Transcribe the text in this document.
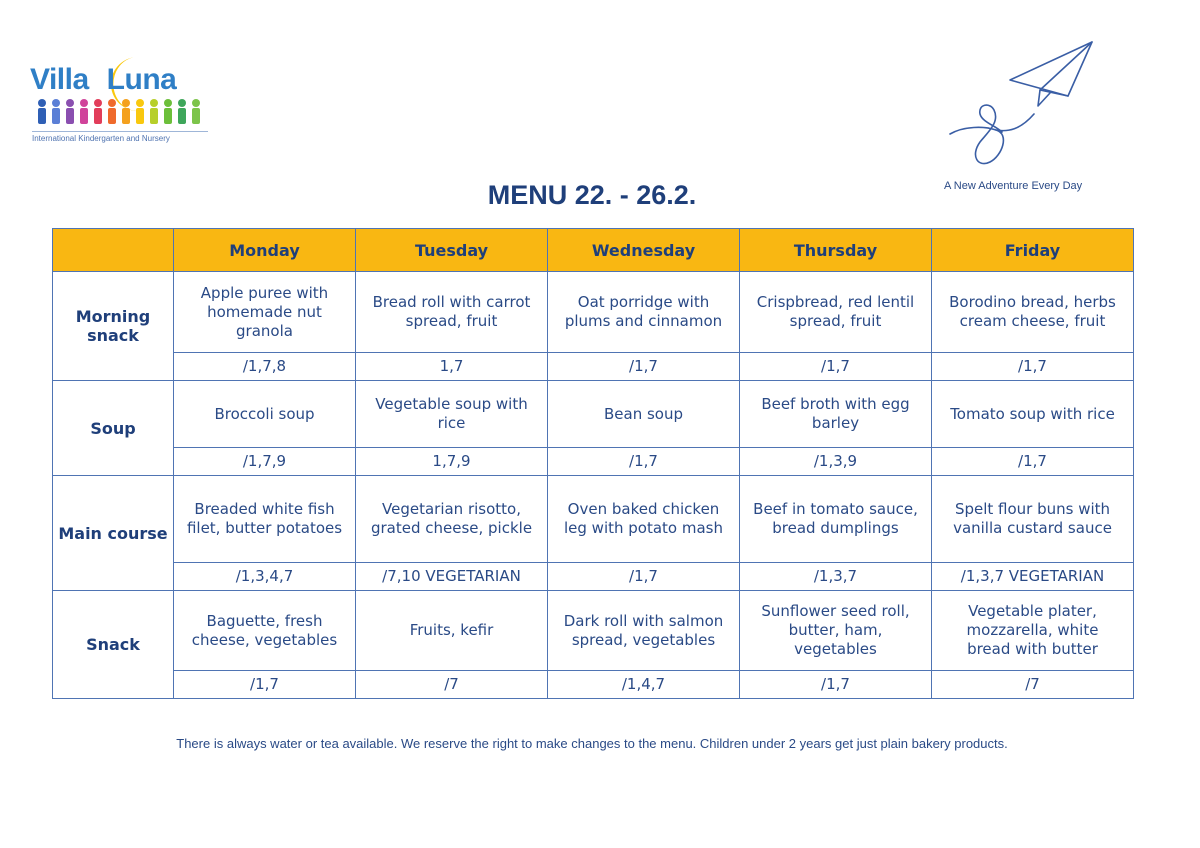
Villa Luna
International Kindergarten and Nursery
A New Adventure Every Day
MENU 22. - 26.2.
	Monday	Tuesday	Wednesday	Thursday	Friday
Morning snack	Apple puree with homemade nut granola	Bread roll with carrot spread, fruit	Oat porridge with plums and cinnamon	Crispbread, red lentil spread, fruit	Borodino bread, herbs cream cheese, fruit
	/1,7,8	1,7	/1,7	/1,7	/1,7
Soup	Broccoli soup	Vegetable soup with rice	Bean soup	Beef broth with egg barley	Tomato soup with rice
	/1,7,9	1,7,9	/1,7	/1,3,9	/1,7
Main course	Breaded white fish filet, butter potatoes	Vegetarian risotto, grated cheese, pickle	Oven baked chicken leg with potato mash	Beef in tomato sauce, bread dumplings	Spelt flour buns with vanilla custard sauce
	/1,3,4,7	/7,10 VEGETARIAN	/1,7	/1,3,7	/1,3,7 VEGETARIAN
Snack	Baguette, fresh cheese, vegetables	Fruits, kefir	Dark roll with salmon spread, vegetables	Sunflower seed roll, butter, ham, vegetables	Vegetable plater, mozzarella, white bread with butter
	/1,7	/7	/1,4,7	/1,7	/7
There is always water or tea available. We reserve the right to make changes to the menu. Children under 2 years get just plain bakery products.
